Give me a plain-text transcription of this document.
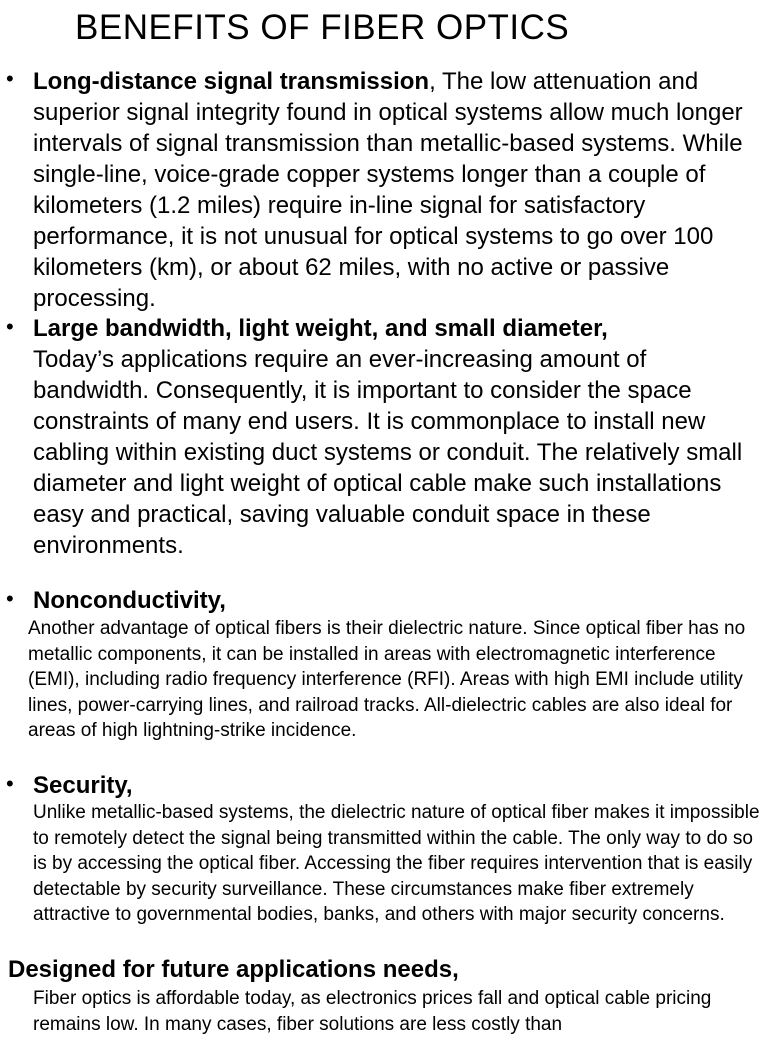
BENEFITS OF FIBER OPTICS
• Long-distance signal transmission, The low attenuation and superior signal integrity found in optical systems allow much longer intervals of signal transmission than metallic-based systems. While single-line, voice-grade copper systems longer than a couple of kilometers (1.2 miles) require in-line signal for satisfactory performance, it is not unusual for optical systems to go over 100 kilometers (km), or about 62 miles, with no active or passive processing.
• Large bandwidth, light weight, and small diameter,
Today’s applications require an ever-increasing amount of bandwidth. Consequently, it is important to consider the space constraints of many end users. It is commonplace to install new cabling within existing duct systems or conduit. The relatively small diameter and light weight of optical cable make such installations easy and practical, saving valuable conduit space in these environments.
• Nonconductivity,
Another advantage of optical fibers is their dielectric nature. Since optical fiber has no metallic components, it can be installed in areas with electromagnetic interference (EMI), including radio frequency interference (RFI). Areas with high EMI include utility lines, power-carrying lines, and railroad tracks. All-dielectric cables are also ideal for areas of high lightning-strike incidence.
• Security,
Unlike metallic-based systems, the dielectric nature of optical fiber makes it impossible to remotely detect the signal being transmitted within the cable. The only way to do so is by accessing the optical fiber. Accessing the fiber requires intervention that is easily detectable by security surveillance. These circumstances make fiber extremely attractive to governmental bodies, banks, and others with major security concerns.
Designed for future applications needs,
Fiber optics is affordable today, as electronics prices fall and optical cable pricing remains low. In many cases, fiber solutions are less costly than
